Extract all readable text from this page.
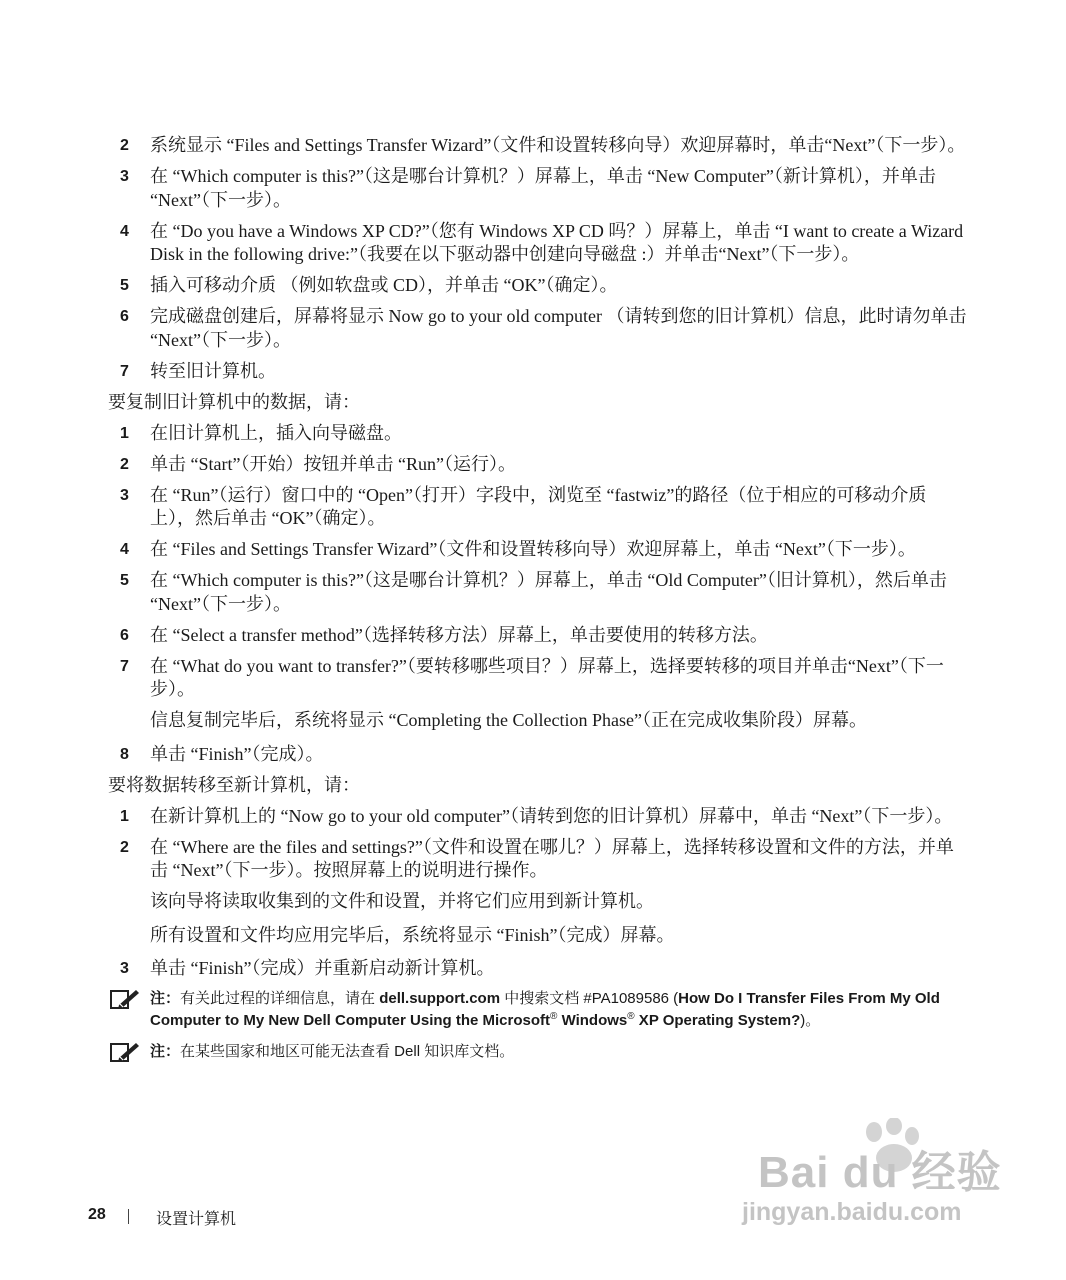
2 系统显示 “Files and Settings Transfer Wizard”（文件和设置转移向导）欢迎屏幕时，单击“Next”（下一步）。
3 在 “Which computer is this?”（这是哪台计算机？）屏幕上，单击 “New Computer”（新计算机），并单击 “Next”（下一步）。
4 在 “Do you have a Windows XP CD?”（您有 Windows XP CD 吗？）屏幕上，单击 “I want to create a Wizard Disk in the following drive:”（我要在以下驱动器中创建向导磁盘 :）并单击“Next”（下一步）。
5 插入可移动介质 （例如软盘或 CD），并单击 “OK”（确定）。
6 完成磁盘创建后，屏幕将显示 Now go to your old computer （请转到您的旧计算机）信息，此时请勿单击 “Next”（下一步）。
7 转至旧计算机。
要复制旧计算机中的数据，请：
1 在旧计算机上，插入向导磁盘。
2 单击 “Start”（开始）按钮并单击 “Run”（运行）。
3 在 “Run”（运行）窗口中的 “Open”（打开）字段中，浏览至 “fastwiz”的路径（位于相应的可移动介质上），然后单击 “OK”（确定）。
4 在 “Files and Settings Transfer Wizard”（文件和设置转移向导）欢迎屏幕上，单击 “Next”（下一步）。
5 在 “Which computer is this?”（这是哪台计算机？）屏幕上，单击 “Old Computer”（旧计算机），然后单击 “Next”（下一步）。
6 在 “Select a transfer method”（选择转移方法）屏幕上，单击要使用的转移方法。
7 在 “What do you want to transfer?”（要转移哪些项目？）屏幕上，选择要转移的项目并单击“Next”（下一步）。
信息复制完毕后，系统将显示 “Completing the Collection Phase”（正在完成收集阶段）屏幕。
8 单击 “Finish”（完成）。
要将数据转移至新计算机，请：
1 在新计算机上的 “Now go to your old computer”（请转到您的旧计算机）屏幕中，单击 “Next”（下一步）。
2 在 “Where are the files and settings?”（文件和设置在哪儿？）屏幕上，选择转移设置和文件的方法，并单击 “Next”（下一步）。按照屏幕上的说明进行操作。
该向导将读取收集到的文件和设置，并将它们应用到新计算机。
所有设置和文件均应用完毕后，系统将显示 “Finish”（完成）屏幕。
3 单击 “Finish”（完成）并重新启动新计算机。
注：有关此过程的详细信息，请在 dell.support.com 中搜索文档 #PA1089586 (How Do I Transfer Files From My Old Computer to My New Dell Computer Using the Microsoft® Windows® XP Operating System?)。
注：在某些国家和地区可能无法查看 Dell 知识库文档。
28	设置计算机
Bai du 经验
jingyan.baidu.com
